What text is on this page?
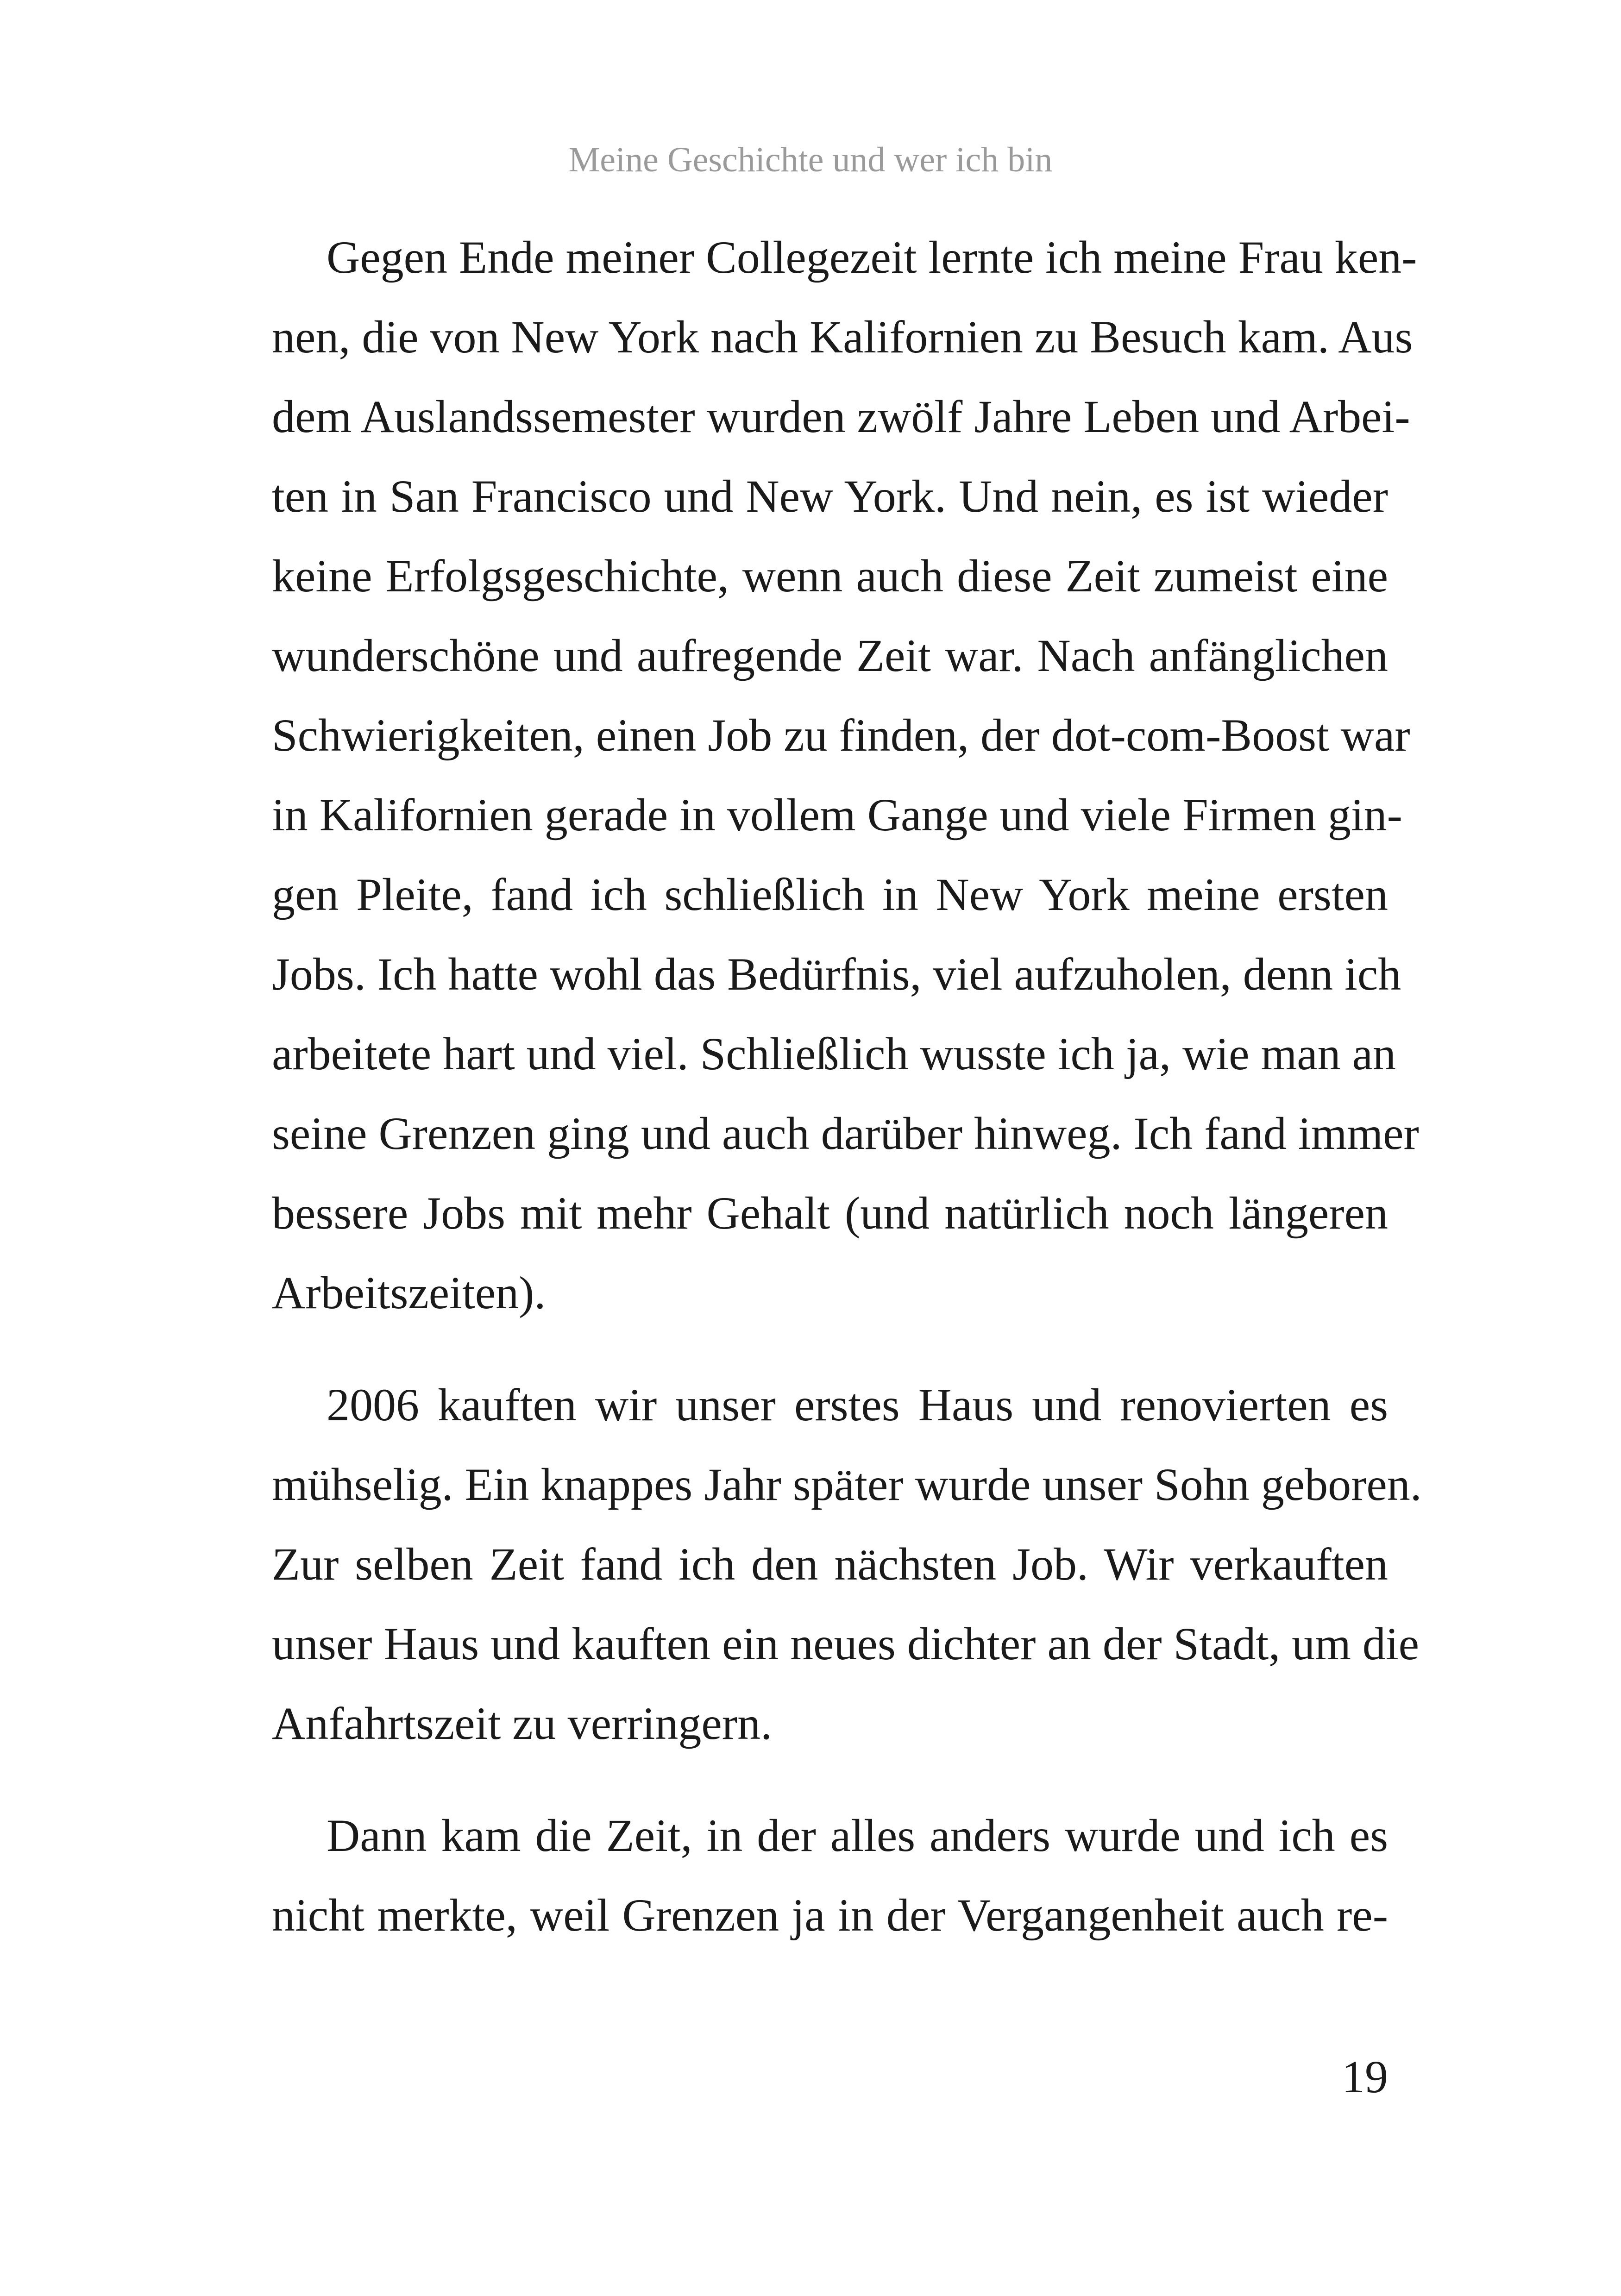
Meine Geschichte und wer ich bin
Gegen Ende meiner Collegezeit lernte ich meine Frau ken-
nen, die von New York nach Kalifornien zu Besuch kam. Aus
dem Auslandssemester wurden zwölf Jahre Leben und Arbei-
ten in San Francisco und New York. Und nein, es ist wieder
keine Erfolgsgeschichte, wenn auch diese Zeit zumeist eine
wunderschöne und aufregende Zeit war. Nach anfänglichen
Schwierigkeiten, einen Job zu finden, der dot-com-Boost war
in Kalifornien gerade in vollem Gange und viele Firmen gin-
gen Pleite, fand ich schließlich in New York meine ersten
Jobs. Ich hatte wohl das Bedürfnis, viel aufzuholen, denn ich
arbeitete hart und viel. Schließlich wusste ich ja, wie man an
seine Grenzen ging und auch darüber hinweg. Ich fand immer
bessere Jobs mit mehr Gehalt (und natürlich noch längeren
Arbeitszeiten).
2006 kauften wir unser erstes Haus und renovierten es
mühselig. Ein knappes Jahr später wurde unser Sohn geboren.
Zur selben Zeit fand ich den nächsten Job. Wir verkauften
unser Haus und kauften ein neues dichter an der Stadt, um die
Anfahrtszeit zu verringern.
Dann kam die Zeit, in der alles anders wurde und ich es
nicht merkte, weil Grenzen ja in der Vergangenheit auch re-
19
